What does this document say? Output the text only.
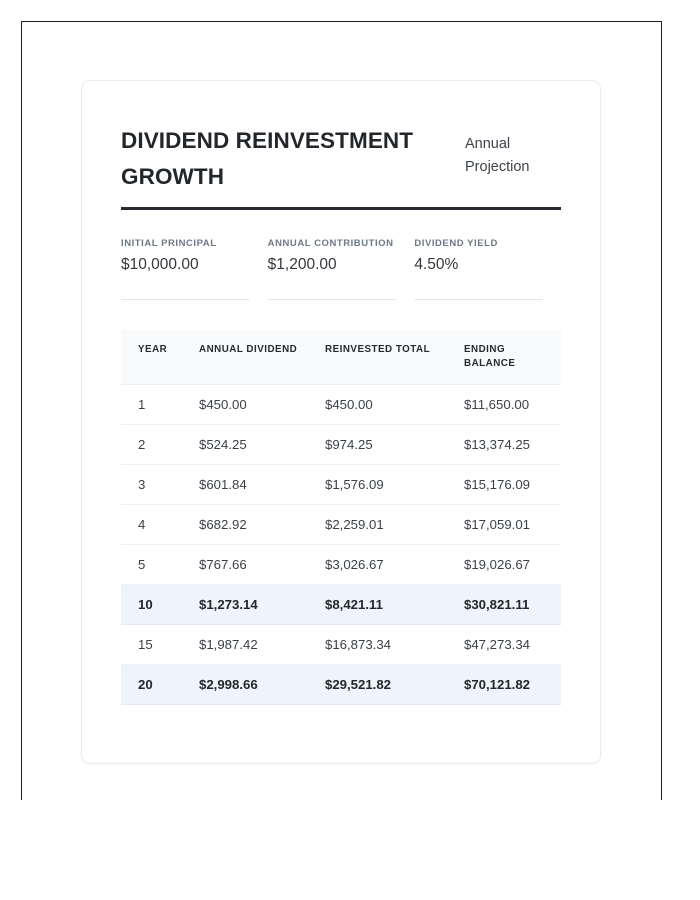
DIVIDEND REINVESTMENT GROWTH

Annual Projection

INITIAL PRINCIPAL
$10,000.00
ANNUAL CONTRIBUTION
$1,200.00
DIVIDEND YIELD
4.50%
YEAR	ANNUAL DIVIDEND	REINVESTED TOTAL	ENDING BALANCE
1	$450.00	$450.00	$11,650.00
2	$524.25	$974.25	$13,374.25
3	$601.84	$1,576.09	$15,176.09
4	$682.92	$2,259.01	$17,059.01
5	$767.66	$3,026.67	$19,026.67
10	$1,273.14	$8,421.11	$30,821.11
15	$1,987.42	$16,873.34	$47,273.34
20	$2,998.66	$29,521.82	$70,121.82
